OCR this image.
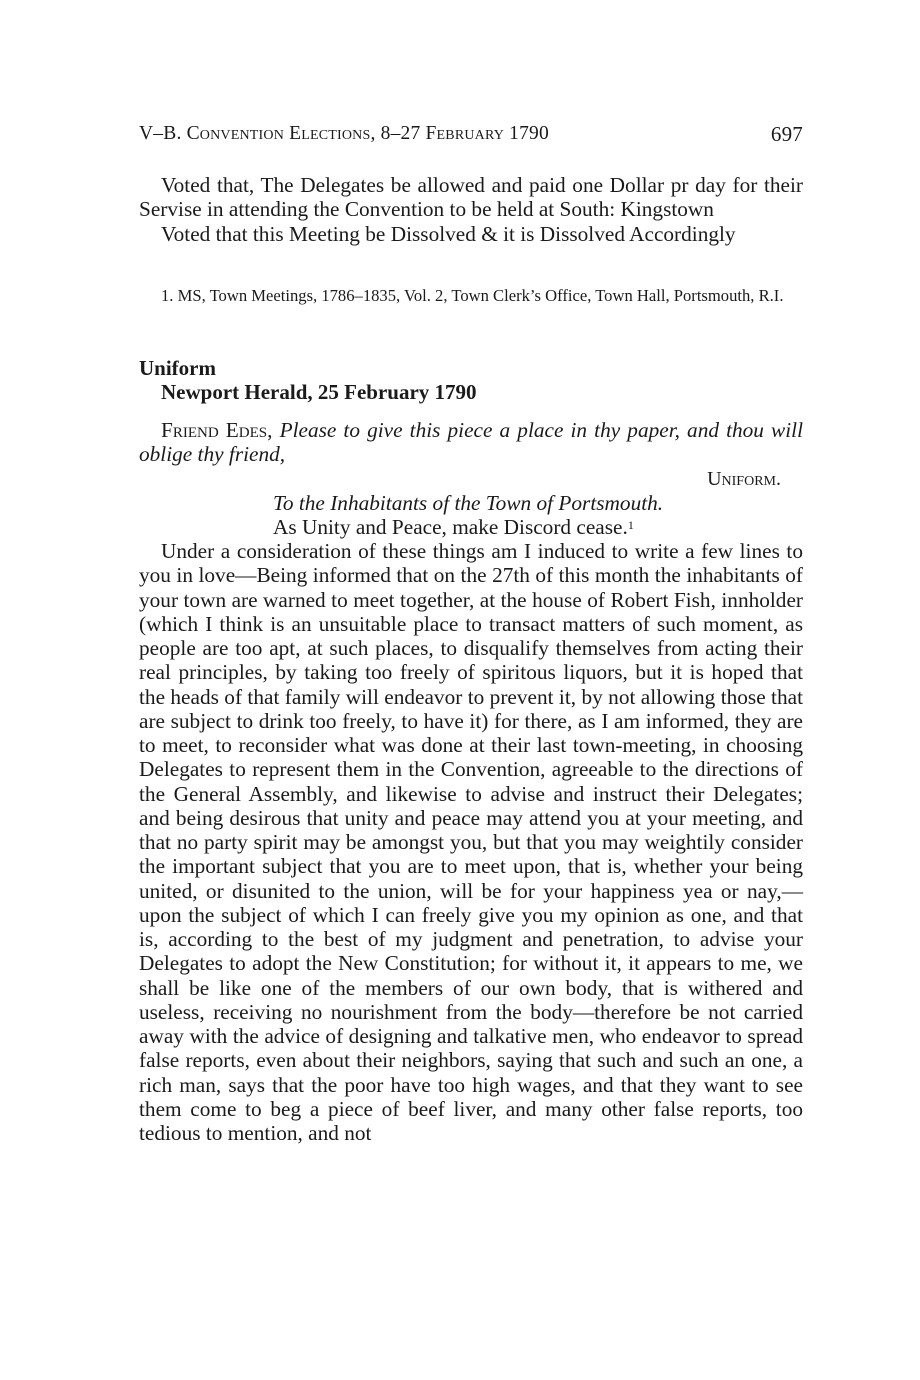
V–B. Convention Elections, 8–27 February 1790	697

Voted that, The Delegates be allowed and paid one Dollar pr day for their Servise in attending the Convention to be held at South: Kingstown

Voted that this Meeting be Dissolved & it is Dissolved Accordingly

1. MS, Town Meetings, 1786–1835, Vol. 2, Town Clerk’s Office, Town Hall, Portsmouth, R.I.

Uniform
Newport Herald, 25 February 1790

Friend Edes, Please to give this piece a place in thy paper, and thou will oblige thy friend,

Uniform.
To the Inhabitants of the Town of Portsmouth.
As Unity and Peace, make Discord cease.$^1$

Under a consideration of these things am I induced to write a few lines to you in love—Being informed that on the 27th of this month the inhabitants of your town are warned to meet together, at the house of Robert Fish, innholder (which I think is an unsuitable place to transact matters of such moment, as people are too apt, at such places, to disqualify themselves from acting their real principles, by taking too freely of spiritous liquors, but it is hoped that the heads of that family will endeavor to prevent it, by not allowing those that are subject to drink too freely, to have it) for there, as I am informed, they are to meet, to reconsider what was done at their last town-meeting, in choosing Delegates to represent them in the Convention, agreeable to the directions of the General Assembly, and likewise to advise and instruct their Delegates; and being desirous that unity and peace may attend you at your meeting, and that no party spirit may be amongst you, but that you may weightily consider the important subject that you are to meet upon, that is, whether your being united, or disunited to the union, will be for your happiness yea or nay,—upon the subject of which I can freely give you my opinion as one, and that is, according to the best of my judgment and penetration, to advise your Delegates to adopt the New Constitution; for without it, it appears to me, we shall be like one of the members of our own body, that is withered and useless, receiving no nourishment from the body—therefore be not carried away with the advice of designing and talkative men, who endeavor to spread false reports, even about their neighbors, saying that such and such an one, a rich man, says that the poor have too high wages, and that they want to see them come to beg a piece of beef liver, and many other false reports, too tedious to mention, and not
